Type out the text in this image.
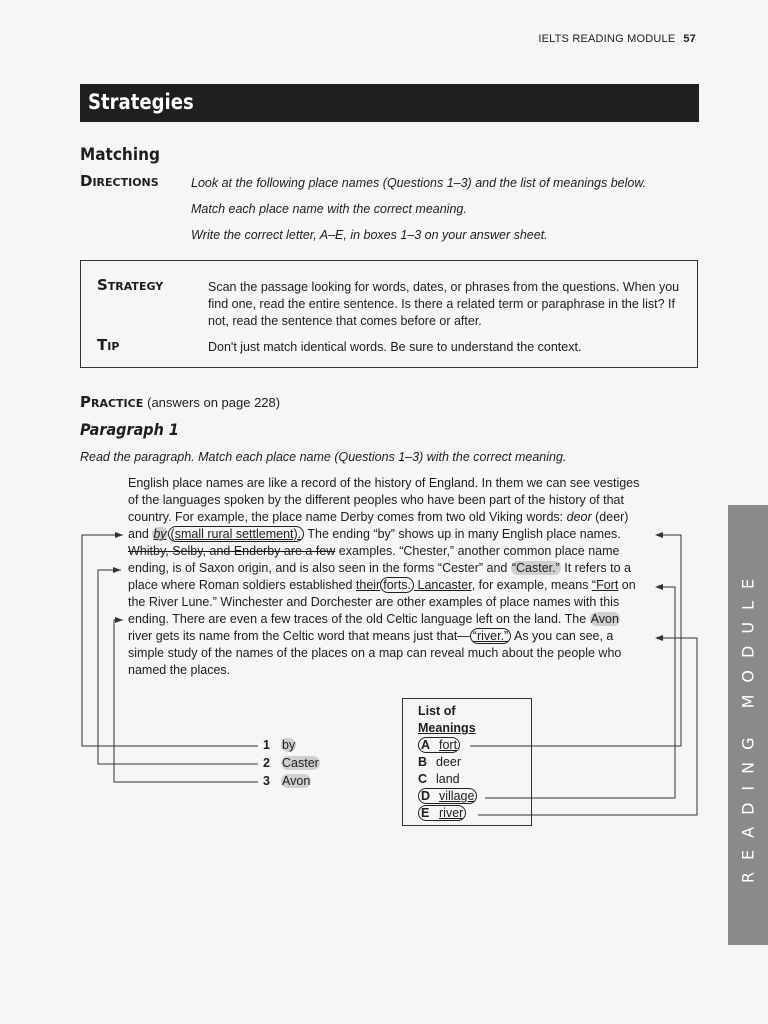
IELTS READING MODULE 57
Strategies
Matching
Directions	Look at the following place names (Questions 1–3) and the list of meanings below.
Match each place name with the correct meaning.
Write the correct letter, A–E, in boxes 1–3 on your answer sheet.
Strategy	Scan the passage looking for words, dates, or phrases from the questions. When you find one, read the entire sentence. Is there a related term or paraphrase in the list? If not, read the sentence that comes before or after.
Tip	Don't just match identical words. Be sure to understand the context.
Practice (answers on page 228)
Paragraph 1
Read the paragraph. Match each place name (Questions 1–3) with the correct meaning.
English place names are like a record of the history of England. In them we can see vestiges
of the languages spoken by the different peoples who have been part of the history of that
country. For example, the place name Derby comes from two old Viking words: deor (deer)
and by (small rural settlement). The ending “by” shows up in many English place names.
Whitby, Selby, and Enderby are a few examples. “Chester,” another common place name
ending, is of Saxon origin, and is also seen in the forms “Cester” and “Caster.” It refers to a
place where Roman soldiers established their forts. Lancaster, for example, means “Fort on
the River Lune.” Winchester and Dorchester are other examples of place names with this
ending. There are even a few traces of the old Celtic language left on the land. The Avon
river gets its name from the Celtic word that means just that— “river.” As you can see, a
simple study of the names of the places on a map can reveal much about the people who
named the places.
1 by
2 Caster
3 Avon
List of
Meanings
A fort
B deer
C land
D village
E river	READING MODULE
